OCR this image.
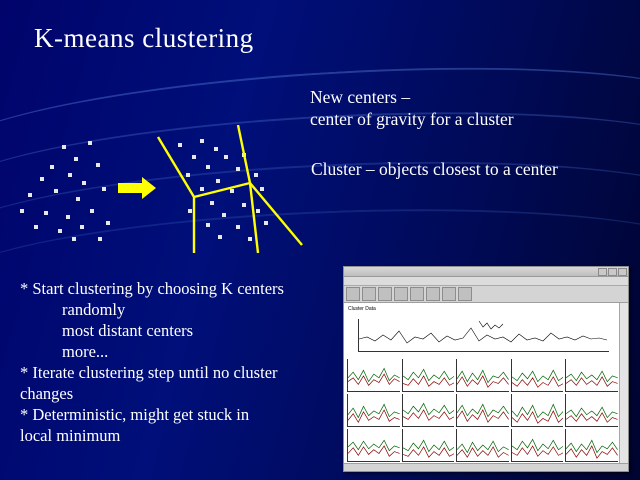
K-means clustering
New centers –
center of gravity for a cluster
Cluster – objects closest to a center
* Start clustering by choosing K centers
randomly
most distant centers
more...
* Iterate clustering step until no cluster
changes
* Deterministic, might get stuck in
local minimum
Cluster Data
